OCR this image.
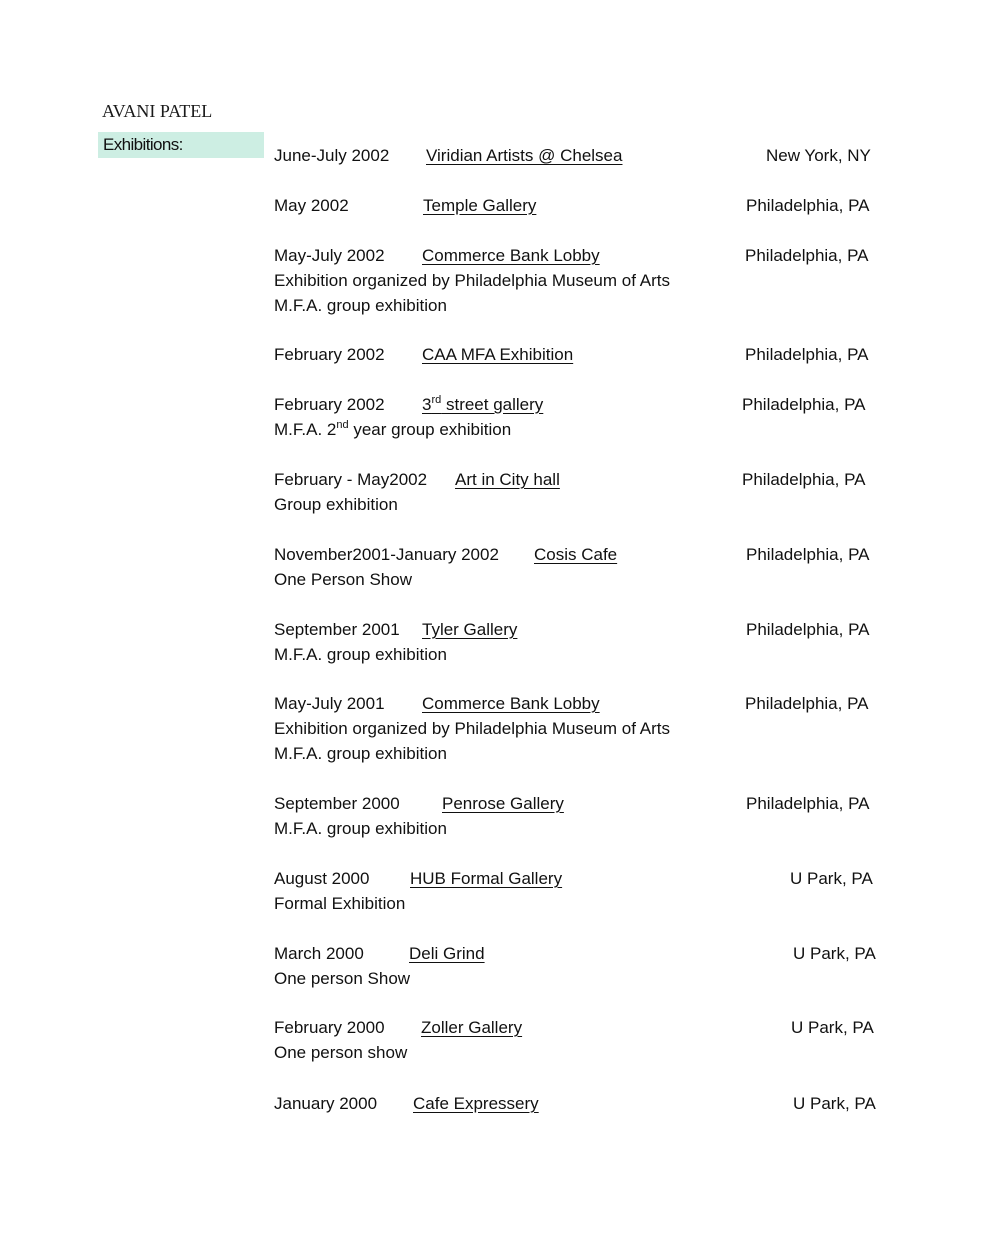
AVANI PATEL
Exhibitions:
June-July 2002 Viridian Artists @ Chelsea	New York, NY
May 2002	Temple Gallery	Philadelphia, PA
May-July 2002 Commerce Bank Lobby	Philadelphia, PA
Exhibition organized by Philadelphia Museum of Arts
M.F.A. group exhibition
February 2002 CAA MFA Exhibition	Philadelphia, PA
February 2002 3rd street gallery	Philadelphia, PA
M.F.A. 2nd year group exhibition
February - May2002 Art in City hall	Philadelphia, PA
Group exhibition
November2001-January 2002 Cosis Cafe	Philadelphia, PA
One Person Show
September 2001 Tyler Gallery	Philadelphia, PA
M.F.A. group exhibition
May-July 2001 Commerce Bank Lobby	Philadelphia, PA
Exhibition organized by Philadelphia Museum of Arts
M.F.A. group exhibition
September 2000 Penrose Gallery	Philadelphia, PA
M.F.A. group exhibition
August 2000 HUB Formal Gallery	U Park, PA
Formal Exhibition
March 2000	Deli Grind	U Park, PA
One person Show
February 2000 Zoller Gallery	U Park, PA
One person show
January 2000 Cafe Expressery	U Park, PA
